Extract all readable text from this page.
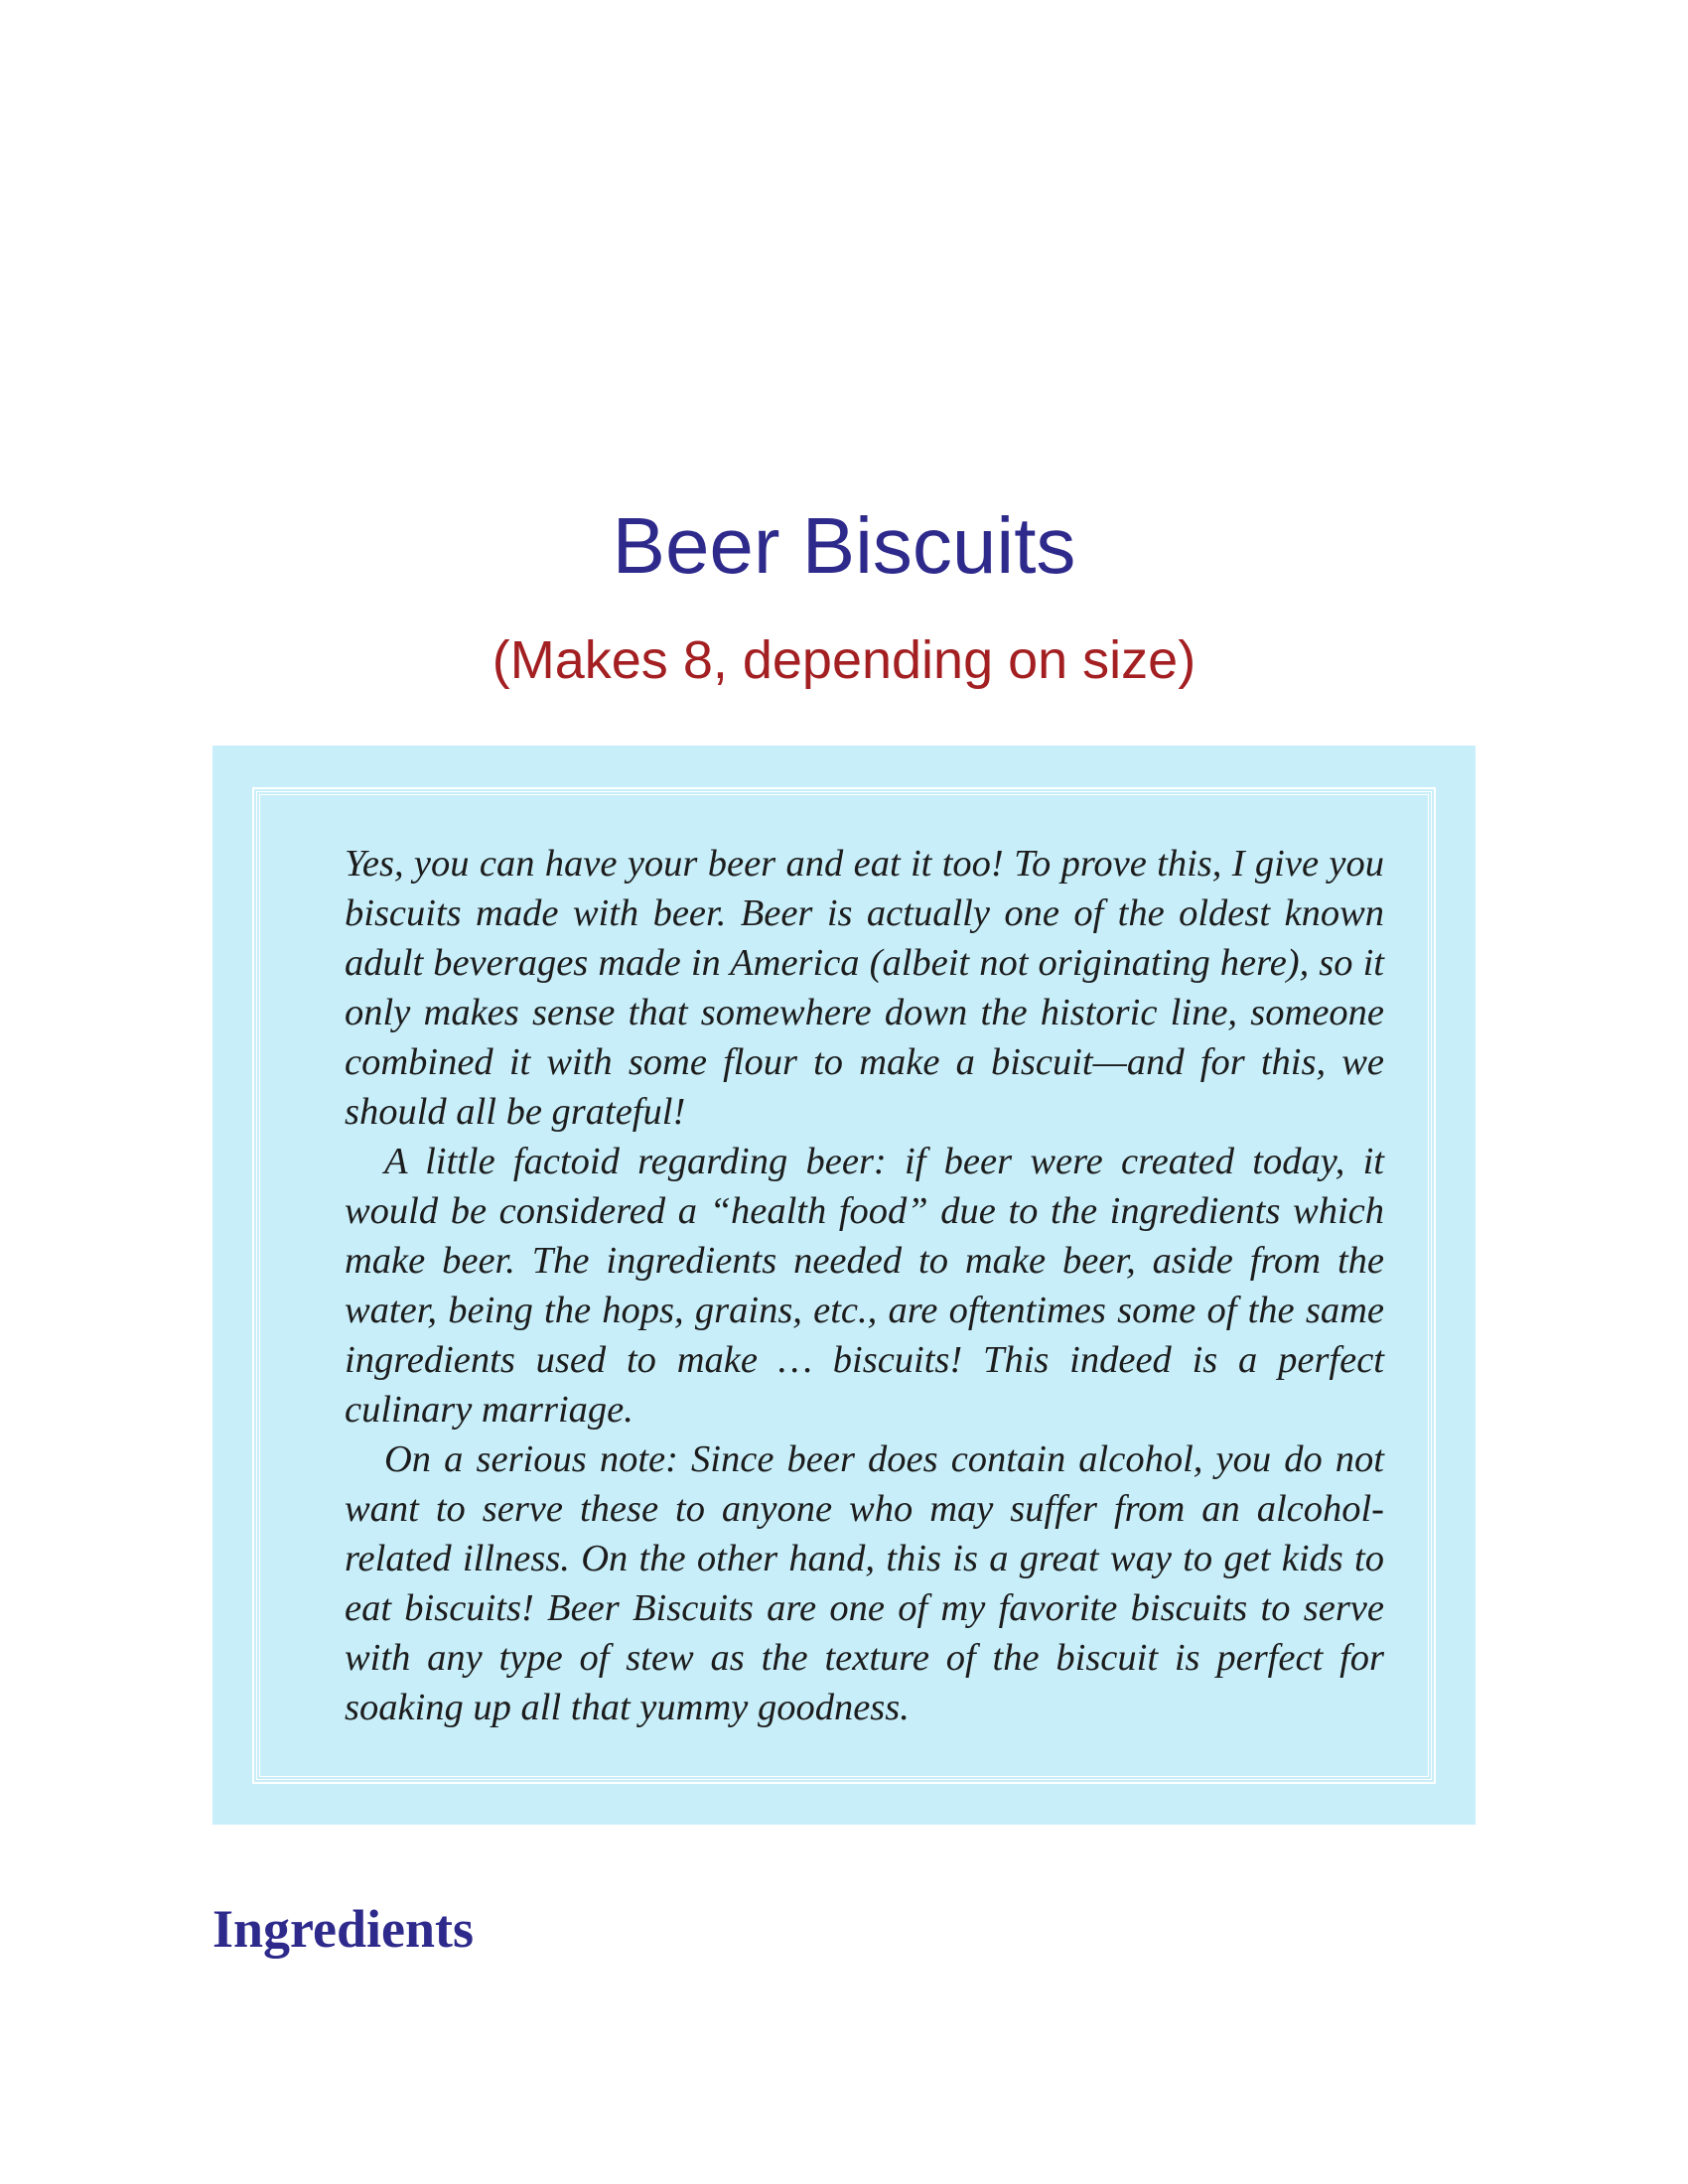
Beer Biscuits
(Makes 8, depending on size)

Yes, you can have your beer and eat it too! To prove this, I give you biscuits made with beer. Beer is actually one of the oldest known adult beverages made in America (albeit not originating here), so it only makes sense that somewhere down the historic line, someone combined it with some flour to make a biscuit—and for this, we should all be grateful!

A little factoid regarding beer: if beer were created today, it would be considered a “health food” due to the ingredients which make beer. The ingredients needed to make beer, aside from the water, being the hops, grains, etc., are oftentimes some of the same ingredients used to make … biscuits! This indeed is a perfect culinary marriage.

On a serious note: Since beer does contain alcohol, you do not want to serve these to anyone who may suffer from an alcohol-related illness. On the other hand, this is a great way to get kids to eat biscuits! Beer Biscuits are one of my favorite biscuits to serve with any type of stew as the texture of the biscuit is perfect for soaking up all that yummy goodness.

Ingredients
